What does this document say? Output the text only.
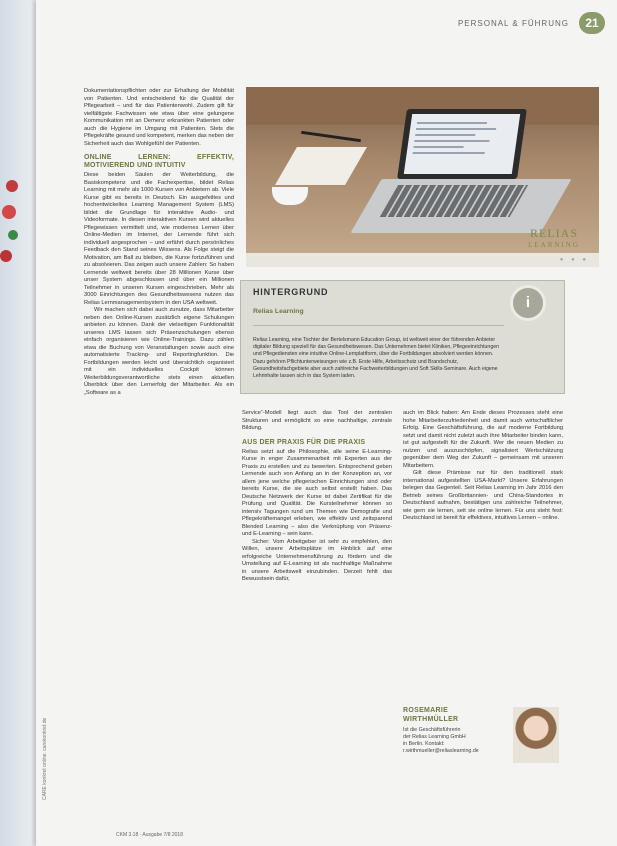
CARE konkret online: carekonkret.de
PERSONAL & FÜHRUNG	21

Dokumentationspflichten oder zur Erhaltung der Mobilität von Patienten. Und entscheidend für die Qualität der Pflegearbeit – und für das Patientenwohl. Zudem gilt für vielfältigste Fachwissen wie etwa über eine gelungene Kommunikation mit an Demenz erkrankten Patienten oder auch die Hygiene im Umgang mit Patienten. Stets die Pflegekräfte gesund und kompetent, merken das neben der Sicherheit auch das Wohlgefühl der Patienten.

ONLINE LERNEN: EFFEKTIV, MOTIVIEREND UND INTUITIV

Diese beiden Säulen der Weiterbildung, die Basiskompetenz und die Fachexpertise, bildet Relias Learning mit mehr als 1000 Kursen von Anbietern ab. Viele Kurse gibt es bereits in Deutsch. Ein ausgefeiltes und hochentwickeltes Learning Management System (LMS) bildet die Grundlage für interaktive Audio- und Videoformate. In diesen interaktiven Kursen wird aktuelles Pflegewissen vermittelt und, wie modernes Lernen über Online-Medien im Internet, der Lernende führt sich individuell angesprochen – und erfährt durch persönliches Feedback den Stand seines Wissens. Als Folge steigt die Motivation, am Ball zu bleiben, die Kurse fortzuführen und zu absolvieren. Das zeigen auch unsere Zahlen: So haben Lernende weltweit bereits über 28 Millionen Kurse über unser System abgeschlossen und über ein Millionen Teilnehmer in unseren Kursen eingeschrieben. Mehr als 3000 Einrichtungen des Gesundheitswesens nutzen das Relias Lernmanagementsystem in den USA weltweit.

Wir machen sich dabei auch zunutze, dass Mitarbeiter neben den Online-Kursen zusätzlich eigene Schulungen anbieten zu können. Dank der vielseitigen Funktionalität unseres LMS lassen sich Präsenzschulungen ebenso einfach organisieren wie Online-Trainings. Dazu zählen etwa die Buchung von Veranstaltungen sowie auch eine automatisierte Tracking- und Reportingfunktion. Die Fortbildungen werden leicht und übersichtlich organisiert mit ein individuelles Cockpit können Weiterbildungsverantwortliche stets einen aktuellen Überblick über den Lernerfolg der Mitarbeiter. Als ein „Software as a

● ● ●
RELIAS
LEARNING
HINTERGRUND
Relias Learning
Relias Learning, eine Tochter der Bertelsmann Education Group, ist weltweit einer der führenden Anbieter digitaler Bildung speziell für das Gesundheitswesen. Das Unternehmen bietet Kliniken, Pflegeeinrichtungen und Pflegediensten eine intuitive Online-Lernplattform, über die Fortbildungen absolviert werden können. Dazu gehören Pflichtunterweisungen wie z.B. Erste Hilfe, Arbeitsschutz und Brandschutz, Gesundheitsfachgebiete aber auch zahlreiche Fachweiterbildungen und Soft Skills-Seminare. Auch eigene Lehrinhalte lassen sich in das System laden.
i

Service“-Modell liegt auch das Tool der zentralen Strukturen und ermöglicht so eine nachhaltige, zentrale Bildung.

AUS DER PRAXIS FÜR DIE PRAXIS

Relias setzt auf die Philosophie, alle seine E-Learning-Kurse in enger Zusammenarbeit mit Experten aus der Praxis zu erstellen und zu bewerten. Entsprechend geben Lernende auch von Anfang an in der Konzeption an, vor allem jene welche pflegerischen Einrichtungen sind oder bereits Kurse, die sie auch selbst erstellt haben. Das Deutsche Netzwerk der Kurse ist dabei Zertifikat für die Prüfung und Qualität. Die Kursteilnehmer können so intensiv Tagungen rund um Themen wie Demografie und Pflegekräftemangel erleben, wie effektiv und zeitsparend Blended Learning – also die Verknüpfung von Präsenz- und E-Learning – sein kann.

Sicher: Vom Arbeitgeber ist sehr zu empfehlen, den Willen, unsere Arbeitsplätze im Hinblick auf eine erfolgreiche Unternehmensführung zu fördern und die Umstellung auf E-Learning ist als nachhaltige Maßnahme in unsere Arbeitswelt einzubinden. Derzeit fehlt das Bewusstsein dafür,

auch im Blick haben: Am Ende dieses Prozesses steht eine hohe Mitarbeiterzufriedenheit und damit auch wirtschaftlicher Erfolg. Eine Geschäftsführung, die auf moderne Fortbildung setzt und damit nicht zuletzt auch ihre Mitarbeiter binden kann, ist gut aufgestellt für die Zukunft. Wer die neuen Medien zu nutzen und auszuschöpfen, signalisiert Wertschätzung gegenüber dem Weg der Zukunft – gemeinsam mit unseren Mitarbeitern.

Gilt diese Prämisse nur für den traditionell stark international aufgestellten USA-Markt? Unsere Erfahrungen belegen das Gegenteil. Seit Relias Learning im Jahr 2016 den Betrieb seines Großbritannien- und China-Standortes in Deutschland aufnahm, bestätigen uns zahlreiche Teilnehmer, wie gern sie lernen, seit sie online lernen. Für uns steht fest: Deutschland ist bereit für effektives, intuitives Lernen – online.

ROSEMARIE
WIRTHMÜLLER
Ist die Geschäftsführerin
der Relias Learning GmbH
in Berlin. Kontakt:
r.wirthmueller@reliaslearning.de
CKM 3.18 · Ausgabe 7/8 2018
